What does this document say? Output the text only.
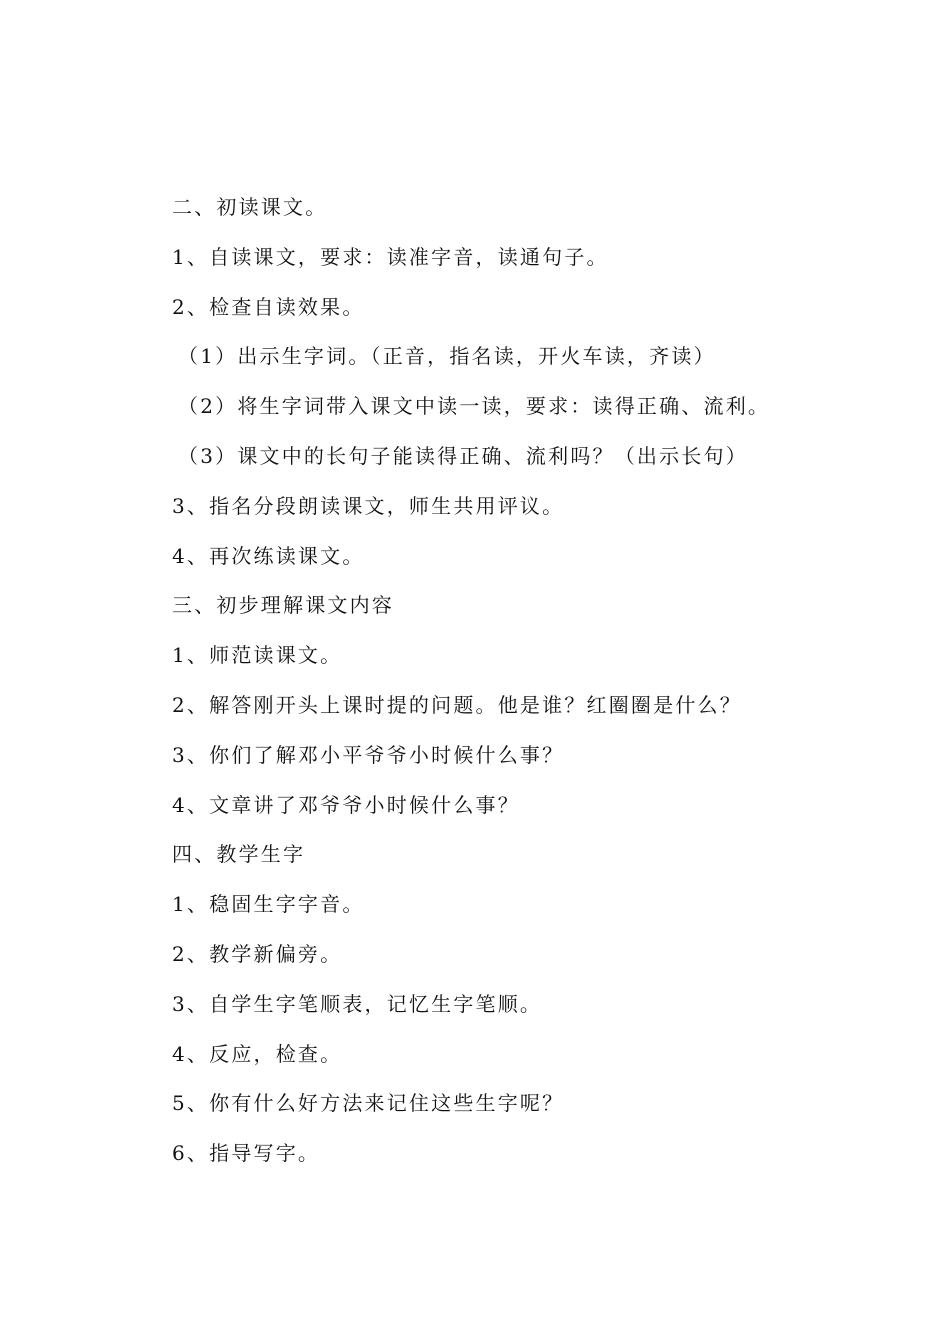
二、初读课文。
1、自读课文，要求：读准字音，读通句子。
2、检查自读效果。
（1）出示生字词。（正音，指名读，开火车读，齐读）
（2）将生字词带入课文中读一读，要求：读得正确、流利。
（3）课文中的长句子能读得正确、流利吗？（出示长句）
3、指名分段朗读课文，师生共用评议。
4、再次练读课文。
三、初步理解课文内容
1、师范读课文。
2、解答刚开头上课时提的问题。他是谁？红圈圈是什么？
3、你们了解邓小平爷爷小时候什么事？
4、文章讲了邓爷爷小时候什么事？
四、教学生字
1、稳固生字字音。
2、教学新偏旁。
3、自学生字笔顺表，记忆生字笔顺。
4、反应，检查。
5、你有什么好方法来记住这些生字呢？
6、指导写字。
